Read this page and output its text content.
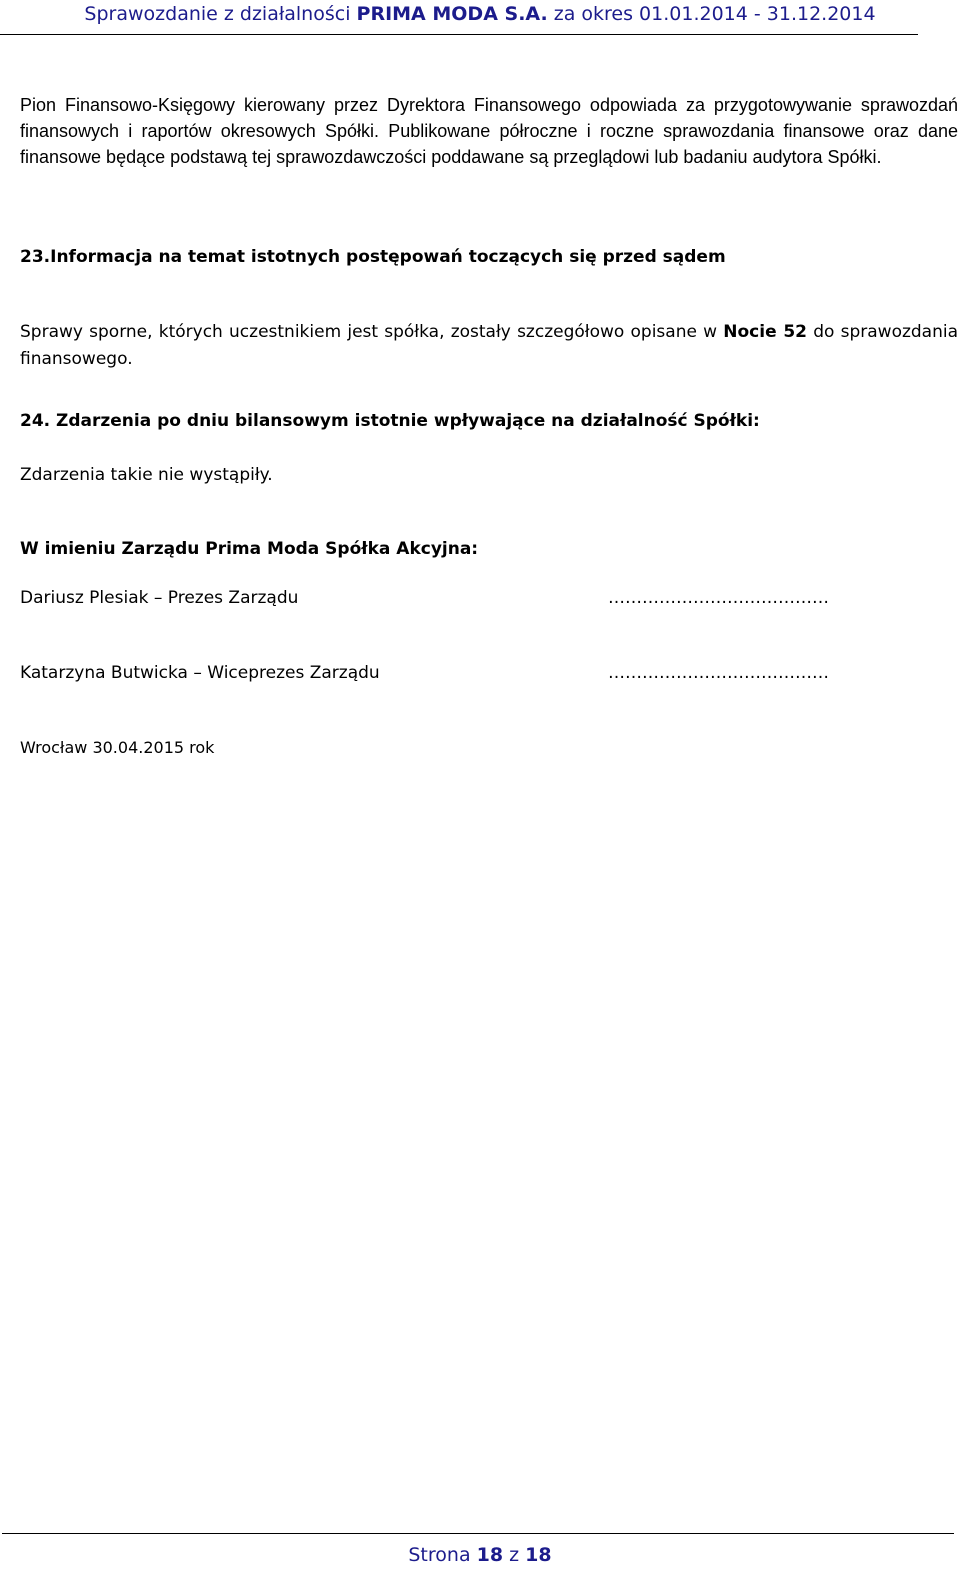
Sprawozdanie z działalności PRIMA MODA S.A. za okres 01.01.2014 - 31.12.2014
Pion Finansowo-Księgowy kierowany przez Dyrektora Finansowego odpowiada za przygotowywanie sprawozdań finansowych i raportów okresowych Spółki. Publikowane półroczne i roczne sprawozdania finansowe oraz dane finansowe będące podstawą tej sprawozdawczości poddawane są przeglądowi lub badaniu audytora Spółki.
23.Informacja na temat istotnych postępowań toczących się przed sądem
Sprawy sporne, których uczestnikiem jest spółka, zostały szczegółowo opisane w Nocie 52 do sprawozdania finansowego.
24. Zdarzenia po dniu bilansowym istotnie wpływające na działalność Spółki:
Zdarzenia takie nie wystąpiły.
W imieniu Zarządu Prima Moda Spółka Akcyjna:
Dariusz Plesiak – Prezes Zarządu	…………………………………
Katarzyna Butwicka – Wiceprezes Zarządu	…………………………………
Wrocław 30.04.2015 rok
Strona 18 z 18
